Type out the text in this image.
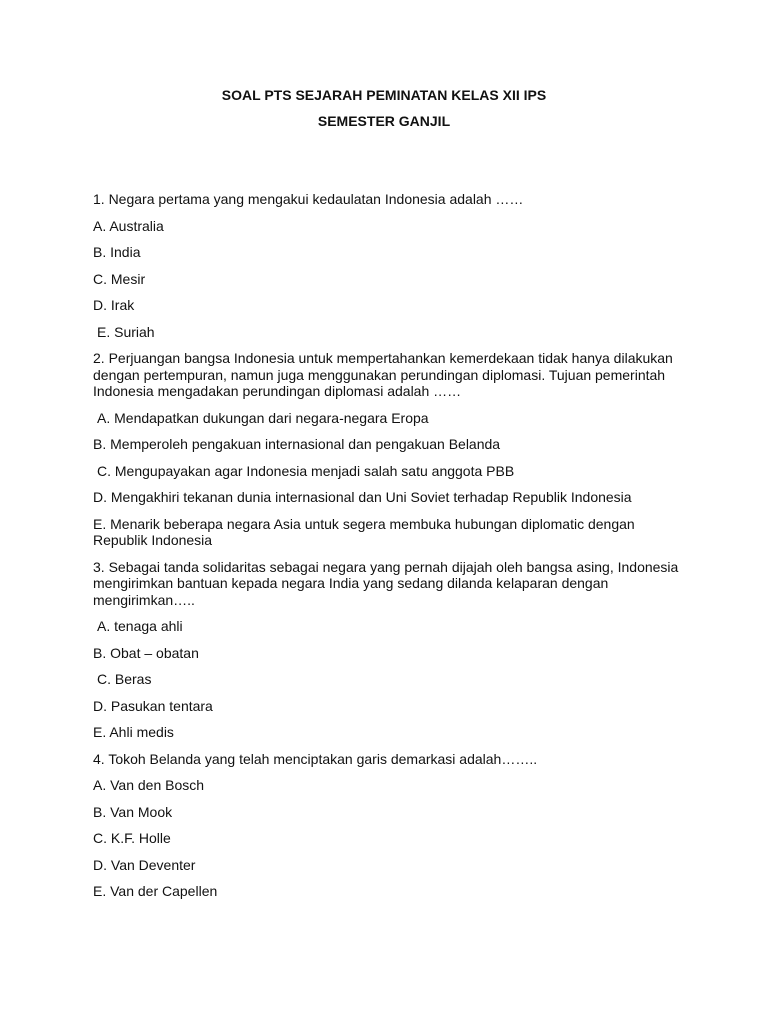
SOAL PTS SEJARAH PEMINATAN KELAS XII IPS

SEMESTER GANJIL

1. Negara pertama yang mengakui kedaulatan Indonesia adalah ……

A. Australia

B. India

C. Mesir

D. Irak

E. Suriah

2. Perjuangan bangsa Indonesia untuk mempertahankan kemerdekaan tidak hanya dilakukan dengan pertempuran, namun juga menggunakan perundingan diplomasi. Tujuan pemerintah Indonesia mengadakan perundingan diplomasi adalah ……

A. Mendapatkan dukungan dari negara-negara Eropa

B. Memperoleh pengakuan internasional dan pengakuan Belanda

C. Mengupayakan agar Indonesia menjadi salah satu anggota PBB

D. Mengakhiri tekanan dunia internasional dan Uni Soviet terhadap Republik Indonesia

E. Menarik beberapa negara Asia untuk segera membuka hubungan diplomatic dengan Republik Indonesia

3. Sebagai tanda solidaritas sebagai negara yang pernah dijajah oleh bangsa asing, Indonesia mengirimkan bantuan kepada negara India yang sedang dilanda kelaparan dengan mengirimkan…..

A. tenaga ahli

B. Obat – obatan

C. Beras

D. Pasukan tentara

E. Ahli medis

4. Tokoh Belanda yang telah menciptakan garis demarkasi adalah……..

A. Van den Bosch

B. Van Mook

C. K.F. Holle

D. Van Deventer

E. Van der Capellen
